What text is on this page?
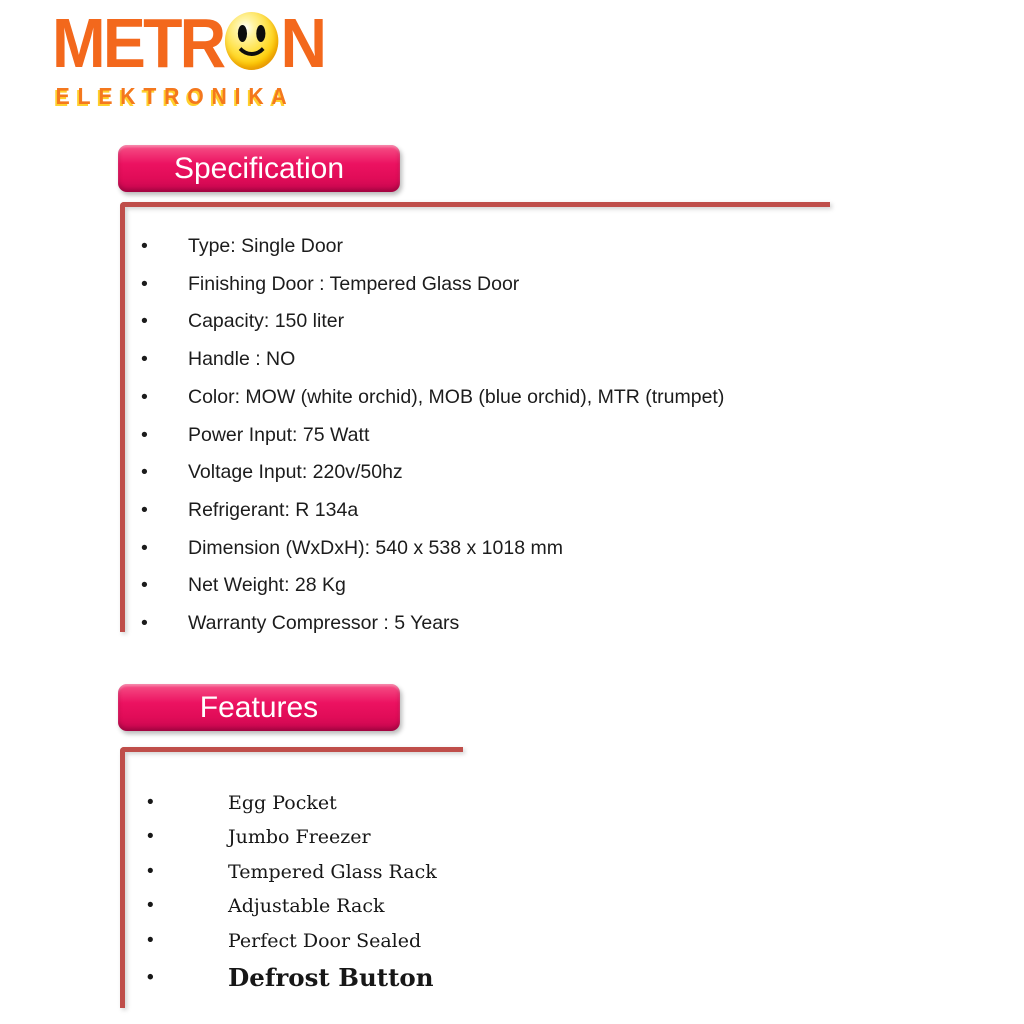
METR N
ELEKTRONIKA
Specification
• Type: Single Door
• Finishing Door : Tempered Glass Door
• Capacity: 150 liter
• Handle : NO
• Color: MOW (white orchid), MOB (blue orchid), MTR (trumpet)
• Power Input: 75 Watt
• Voltage Input: 220v/50hz
• Refrigerant: R 134a
• Dimension (WxDxH): 540 x 538 x 1018 mm
• Net Weight: 28 Kg
• Warranty Compressor : 5 Years
Features
• Egg Pocket
• Jumbo Freezer
• Tempered Glass Rack
• Adjustable Rack
• Perfect Door Sealed
• Defrost Button
